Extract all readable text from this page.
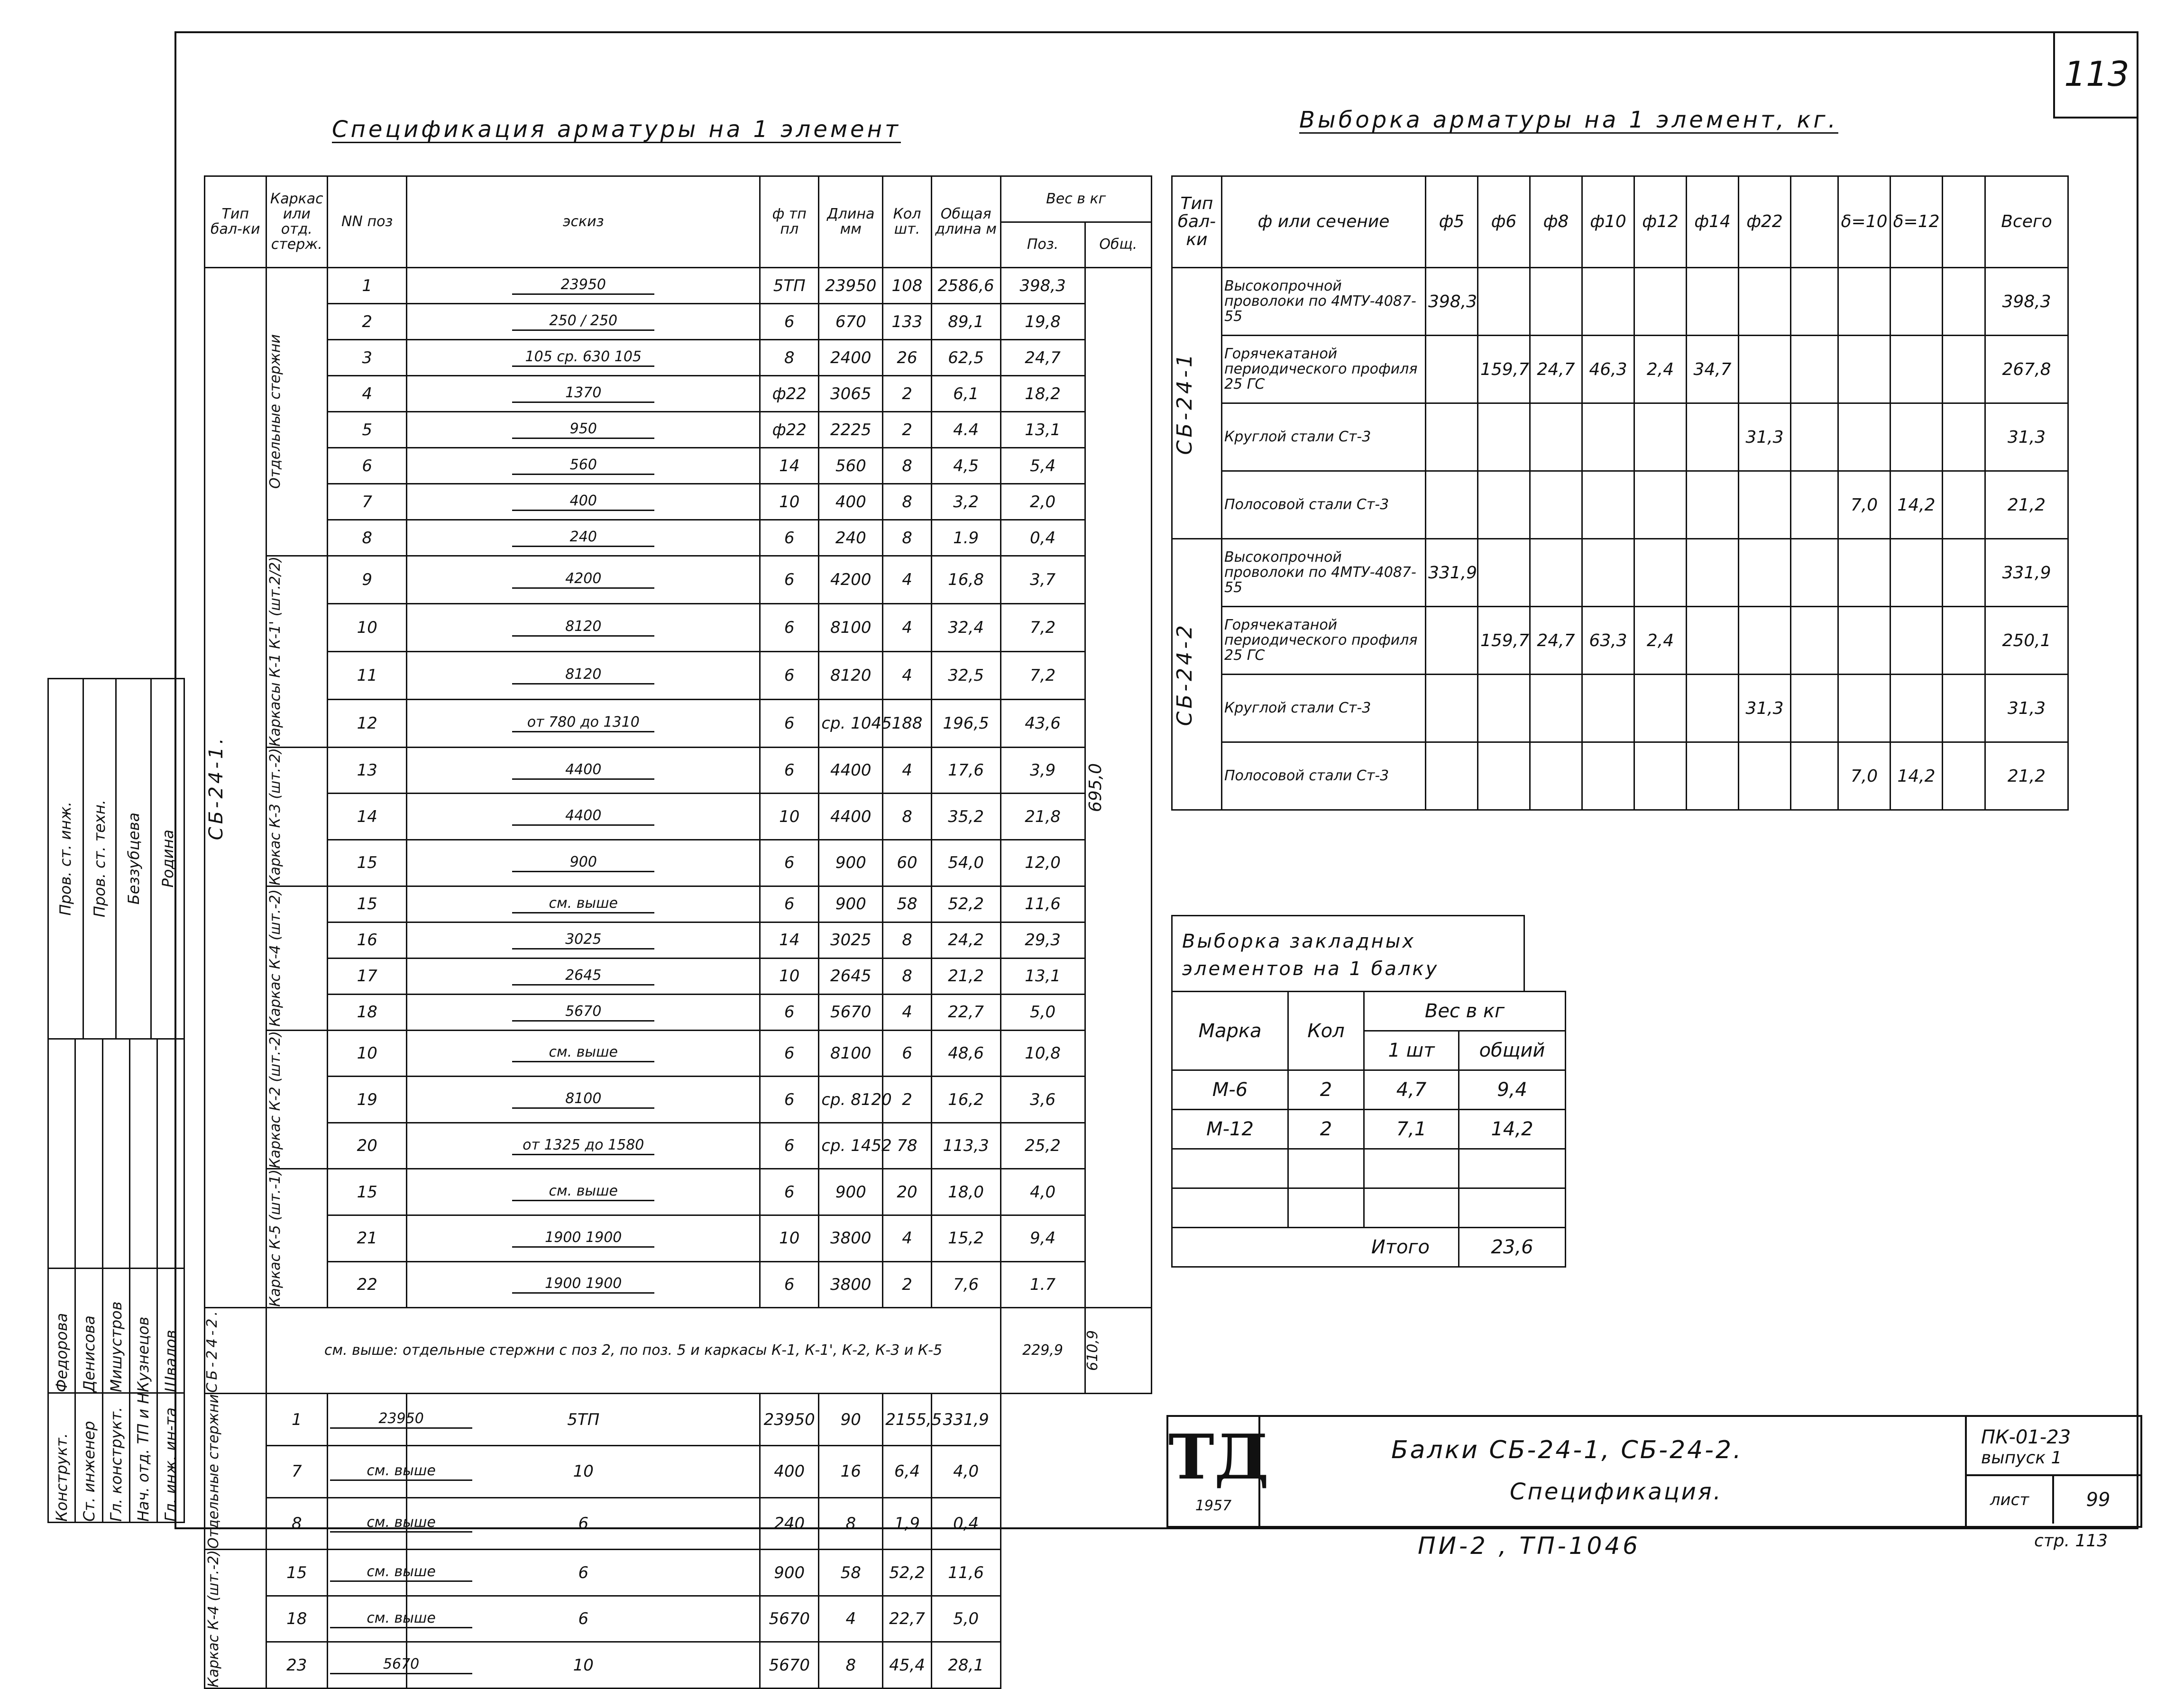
113
Спецификация арматуры на 1 элемент	Выборка арматуры на 1 элемент, кг.
Тип бал-ки	Каркас или отд. стерж.	NN поз	эскиз	ф тп пл	Длина мм	Кол шт.	Общая длина м	Вес в кг	
								Поз.	Общ.

СБ-24-1.	Отдельные стержни	1	23950	5ТП	23950	108	2586,6	398,3	695,0

		2	250 / 250	6	670	133	89,1	19,8	
		3	105 ср. 630 105	8	2400	26	62,5	24,7	
		4	1370	ф22	3065	2	6,1	18,2	
		5	950	ф22	2225	2	4.4	13,1	
		6	560	14	560	8	4,5	5,4	
		7	400	10	400	8	3,2	2,0	
		8	240	6	240	8	1.9	0,4	

	Каркасы К-1 К-1' (шт.2/2)	9	4200	6	4200	4	16,8	3,7	
		10	8120	6	8100	4	32,4	7,2	
		11	8120	6	8120	4	32,5	7,2	
		12	от 780 до 1310	6	ср. 1045	188	196,5	43,6	

	Каркас К-3 (шт.-2)	13	4400	6	4400	4	17,6	3,9	
		14	4400	10	4400	8	35,2	21,8	
		15	900	6	900	60	54,0	12,0	

	Каркас К-4 (шт.-2)	15	см. выше	6	900	58	52,2	11,6	
		16	3025	14	3025	8	24,2	29,3	
		17	2645	10	2645	8	21,2	13,1	
		18	5670	6	5670	4	22,7	5,0	

	Каркас К-2 (шт.-2)	10	см. выше	6	8100	6	48,6	10,8	
		19	8100	6	ср. 8120	2	16,2	3,6	
		20	от 1325 до 1580	6	ср. 1452	78	113,3	25,2	

	Каркас К-5 (шт.-1)	15	см. выше	6	900	20	18,0	4,0	
		21	1900 1900	10	3800	4	15,2	9,4	
		22	1900 1900	6	3800	2	7,6	1.7	

СБ-24-2.	см. выше: отдельные стержни с поз 2, по поз. 5 и каркасы К-1, К-1', К-2, К-3 и К-5							229,9	610,9

Отдельные стержни	1	23950	5ТП	23950	90	2155,5	331,9		
	7	см. выше	10	400	16	6,4	4,0		
	8	см. выше	6	240	8	1,9	0,4		

Каркас К-4 (шт.-2)	15	см. выше	6	900	58	52,2	11,6		
	18	см. выше	6	5670	4	22,7	5,0		
	23	5670	10	5670	8	45,4	28,1		
Тип бал-ки	ф или сечение	ф5	ф6	ф8	ф10	ф12	ф14	ф22		δ=10	δ=12		Всего

СБ-24-1	Высокопрочной проволоки по 4МТУ-4087-55	398,3											398,3
	Горячекатаной периодического профиля 25 ГС		159,7	24,7	46,3	2,4	34,7						267,8
	Круглой стали Ст-3							31,3					31,3
	Полосовой стали Ст-3									7,0	14,2		21,2

СБ-24-2	Высокопрочной проволоки по 4МТУ-4087-55	331,9											331,9
	Горячекатаной периодического профиля 25 ГС		159,7	24,7	63,3	2,4							250,1
	Круглой стали Ст-3							31,3					31,3
	Полосовой стали Ст-3									7,0	14,2		21,2
Выборка закладных элементов на 1 балку
Марка	Кол	Вес в кг	
		1 шт	общий
М-6	2	4,7	9,4
М-12	2	7,1	14,2

Итого			23,6
ТД
1957
Балки СБ-24-1, СБ-24-2.
Спецификация.
ПК-01-23
выпуск 1
лист	99
ПИ-2 , ТП-1046	стр. 113
Пров. ст. инж.	Пров. ст. техн.	Беззубцева	Родина

Федорова
Конструкт.
Денисова
Ст. инженер
Мишустров
Гл. конструкт.
Кузнецов
Нач. отд. ТП и Н
Швалов
Гл. инж. ин-та
